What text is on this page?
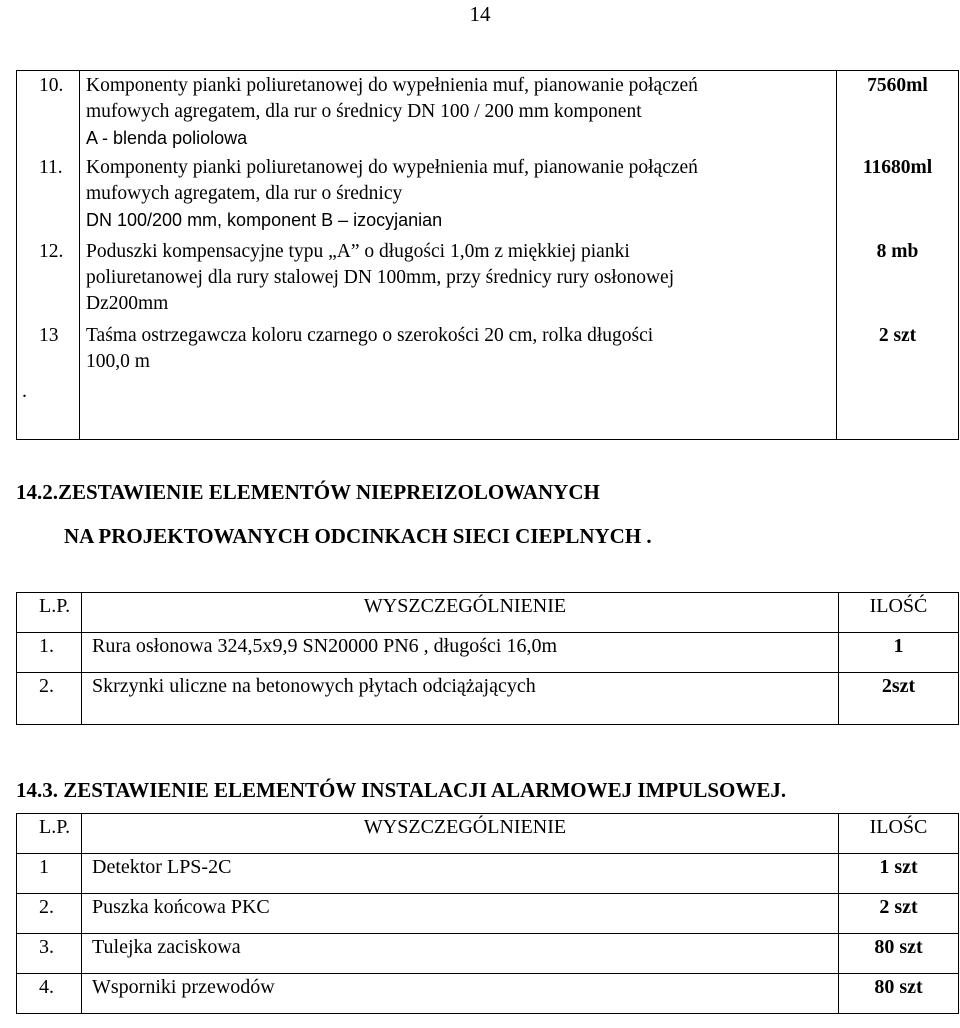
14
10.	Komponenty pianki poliuretanowej do wypełnienia muf, pianowanie połączeń
mufowych agregatem, dla rur o średnicy DN 100 / 200 mm komponent
A - blenda poliolowa	7560ml
11.	Komponenty pianki poliuretanowej do wypełnienia muf, pianowanie połączeń
mufowych agregatem, dla rur o średnicy
DN 100/200 mm, komponent B – izocyjanian	11680ml
12.	Poduszki kompensacyjne typu „A” o długości 1,0m z miękkiej pianki
poliuretanowej dla rury stalowej DN 100mm, przy średnicy rury osłonowej
Dz200mm	8 mb
13	Taśma ostrzegawcza koloru czarnego o szerokości 20 cm, rolka długości
100,0 m	2 szt
.
14.2.ZESTAWIENIE ELEMENTÓW NIEPREIZOLOWANYCH
NA PROJEKTOWANYCH ODCINKACH SIECI CIEPLNYCH .
L.P.	WYSZCZEGÓLNIENIE	ILOŚĆ
1.	Rura osłonowa 324,5x9,9 SN20000 PN6 , długości 16,0m	1
2.	Skrzynki uliczne na betonowych płytach odciążających	2szt
14.3. ZESTAWIENIE ELEMENTÓW INSTALACJI ALARMOWEJ IMPULSOWEJ.
L.P.	WYSZCZEGÓLNIENIE	ILOŚC
1	Detektor LPS-2C	1 szt
2.	Puszka końcowa PKC	2 szt
3.	Tulejka zaciskowa	80 szt
4.	Wsporniki przewodów	80 szt
